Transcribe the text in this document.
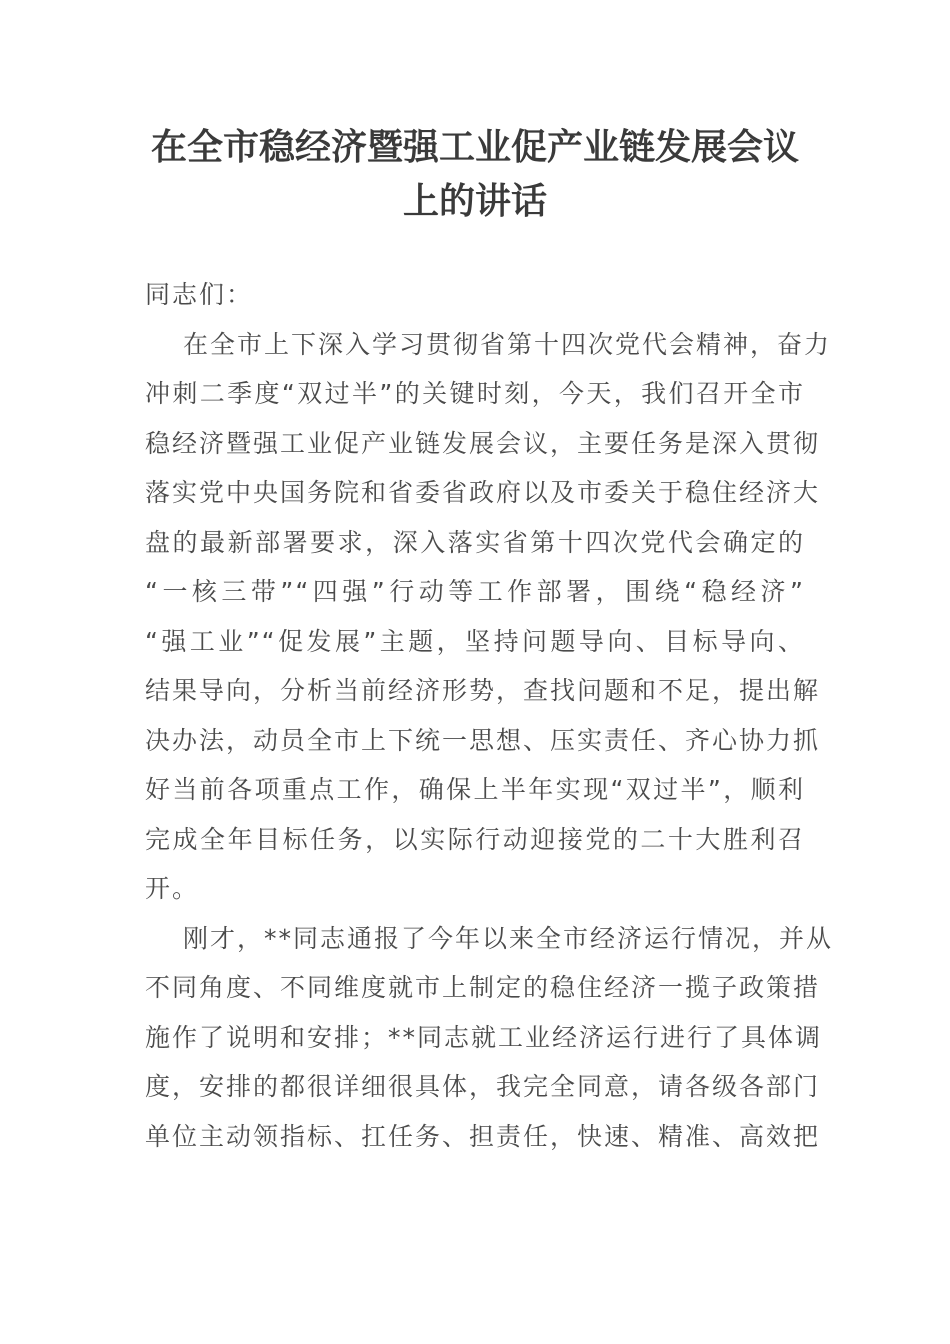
在全市稳经济暨强工业促产业链发展会议
上的讲话
同志们：
在全市上下深入学习贯彻省第十四次党代会精神，奋力
冲刺二季度“双过半”的关键时刻，今天，我们召开全市
稳经济暨强工业促产业链发展会议，主要任务是深入贯彻
落实党中央国务院和省委省政府以及市委关于稳住经济大
盘的最新部署要求，深入落实省第十四次党代会确定的
“一核三带”“四强”行动等工作部署，围绕“稳经济”
“强工业”“促发展”主题，坚持问题导向、目标导向、
结果导向，分析当前经济形势，查找问题和不足，提出解
决办法，动员全市上下统一思想、压实责任、齐心协力抓
好当前各项重点工作，确保上半年实现“双过半”，顺利
完成全年目标任务，以实际行动迎接党的二十大胜利召
开。
刚才，**同志通报了今年以来全市经济运行情况，并从
不同角度、不同维度就市上制定的稳住经济一揽子政策措
施作了说明和安排；**同志就工业经济运行进行了具体调
度，安排的都很详细很具体，我完全同意，请各级各部门
单位主动领指标、扛任务、担责任，快速、精准、高效把
